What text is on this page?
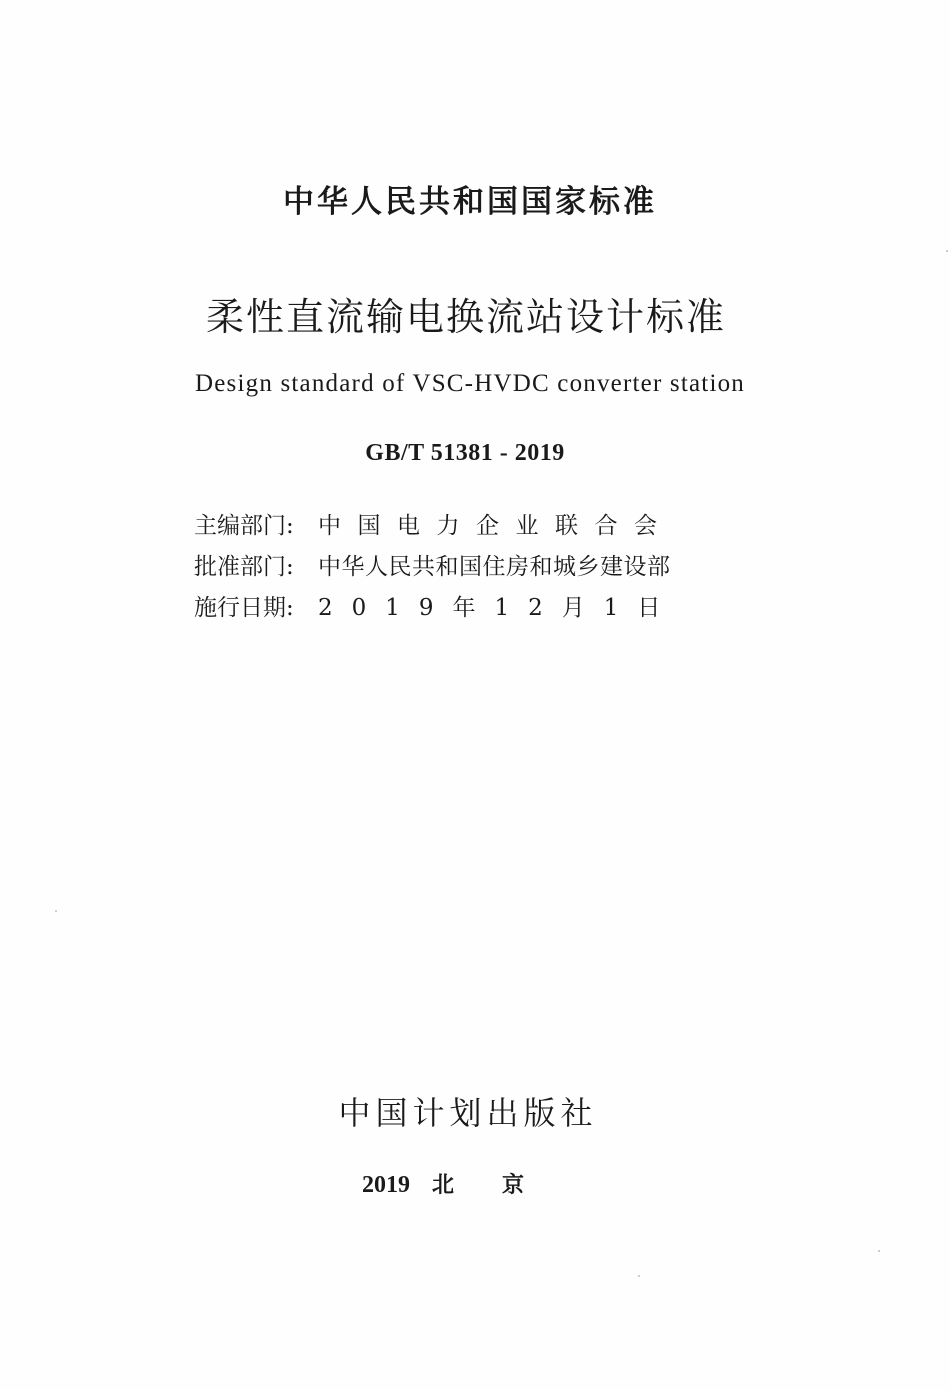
中华人民共和国国家标准
柔性直流输电换流站设计标准
Design standard of VSC-HVDC converter station
GB/T 51381 - 2019
主编部门: 中国电力企业联合会
批准部门: 中华人民共和国住房和城乡建设部
施行日期: 2019年12月1日
中国计划出版社
2019 北京
